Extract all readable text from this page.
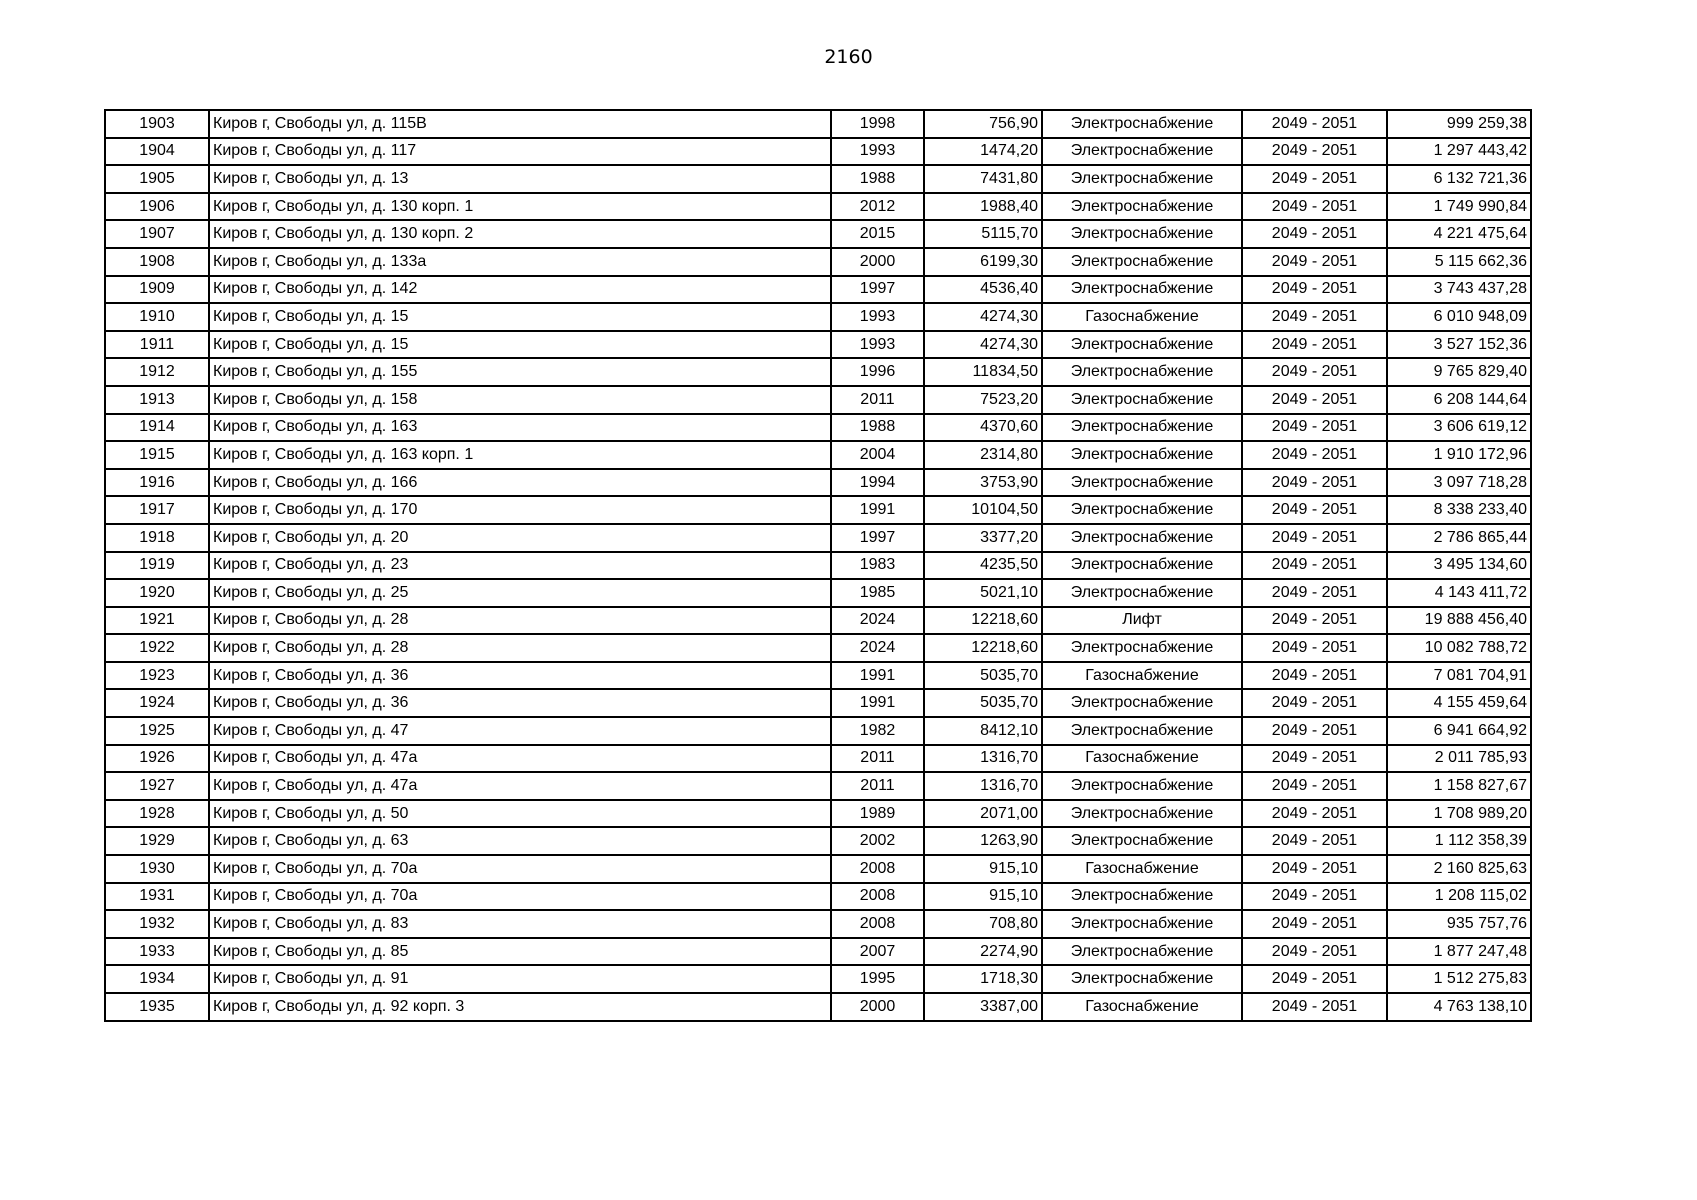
2160
1903	Киров г, Свободы ул, д. 115В	1998	756,90	Электроснабжение	2049 - 2051	999 259,38
1904	Киров г, Свободы ул, д. 117	1993	1474,20	Электроснабжение	2049 - 2051	1 297 443,42
1905	Киров г, Свободы ул, д. 13	1988	7431,80	Электроснабжение	2049 - 2051	6 132 721,36
1906	Киров г, Свободы ул, д. 130 корп. 1	2012	1988,40	Электроснабжение	2049 - 2051	1 749 990,84
1907	Киров г, Свободы ул, д. 130 корп. 2	2015	5115,70	Электроснабжение	2049 - 2051	4 221 475,64
1908	Киров г, Свободы ул, д. 133а	2000	6199,30	Электроснабжение	2049 - 2051	5 115 662,36
1909	Киров г, Свободы ул, д. 142	1997	4536,40	Электроснабжение	2049 - 2051	3 743 437,28
1910	Киров г, Свободы ул, д. 15	1993	4274,30	Газоснабжение	2049 - 2051	6 010 948,09
1911	Киров г, Свободы ул, д. 15	1993	4274,30	Электроснабжение	2049 - 2051	3 527 152,36
1912	Киров г, Свободы ул, д. 155	1996	11834,50	Электроснабжение	2049 - 2051	9 765 829,40
1913	Киров г, Свободы ул, д. 158	2011	7523,20	Электроснабжение	2049 - 2051	6 208 144,64
1914	Киров г, Свободы ул, д. 163	1988	4370,60	Электроснабжение	2049 - 2051	3 606 619,12
1915	Киров г, Свободы ул, д. 163 корп. 1	2004	2314,80	Электроснабжение	2049 - 2051	1 910 172,96
1916	Киров г, Свободы ул, д. 166	1994	3753,90	Электроснабжение	2049 - 2051	3 097 718,28
1917	Киров г, Свободы ул, д. 170	1991	10104,50	Электроснабжение	2049 - 2051	8 338 233,40
1918	Киров г, Свободы ул, д. 20	1997	3377,20	Электроснабжение	2049 - 2051	2 786 865,44
1919	Киров г, Свободы ул, д. 23	1983	4235,50	Электроснабжение	2049 - 2051	3 495 134,60
1920	Киров г, Свободы ул, д. 25	1985	5021,10	Электроснабжение	2049 - 2051	4 143 411,72
1921	Киров г, Свободы ул, д. 28	2024	12218,60	Лифт	2049 - 2051	19 888 456,40
1922	Киров г, Свободы ул, д. 28	2024	12218,60	Электроснабжение	2049 - 2051	10 082 788,72
1923	Киров г, Свободы ул, д. 36	1991	5035,70	Газоснабжение	2049 - 2051	7 081 704,91
1924	Киров г, Свободы ул, д. 36	1991	5035,70	Электроснабжение	2049 - 2051	4 155 459,64
1925	Киров г, Свободы ул, д. 47	1982	8412,10	Электроснабжение	2049 - 2051	6 941 664,92
1926	Киров г, Свободы ул, д. 47а	2011	1316,70	Газоснабжение	2049 - 2051	2 011 785,93
1927	Киров г, Свободы ул, д. 47а	2011	1316,70	Электроснабжение	2049 - 2051	1 158 827,67
1928	Киров г, Свободы ул, д. 50	1989	2071,00	Электроснабжение	2049 - 2051	1 708 989,20
1929	Киров г, Свободы ул, д. 63	2002	1263,90	Электроснабжение	2049 - 2051	1 112 358,39
1930	Киров г, Свободы ул, д. 70а	2008	915,10	Газоснабжение	2049 - 2051	2 160 825,63
1931	Киров г, Свободы ул, д. 70а	2008	915,10	Электроснабжение	2049 - 2051	1 208 115,02
1932	Киров г, Свободы ул, д. 83	2008	708,80	Электроснабжение	2049 - 2051	935 757,76
1933	Киров г, Свободы ул, д. 85	2007	2274,90	Электроснабжение	2049 - 2051	1 877 247,48
1934	Киров г, Свободы ул, д. 91	1995	1718,30	Электроснабжение	2049 - 2051	1 512 275,83
1935	Киров г, Свободы ул, д. 92 корп. 3	2000	3387,00	Газоснабжение	2049 - 2051	4 763 138,10
